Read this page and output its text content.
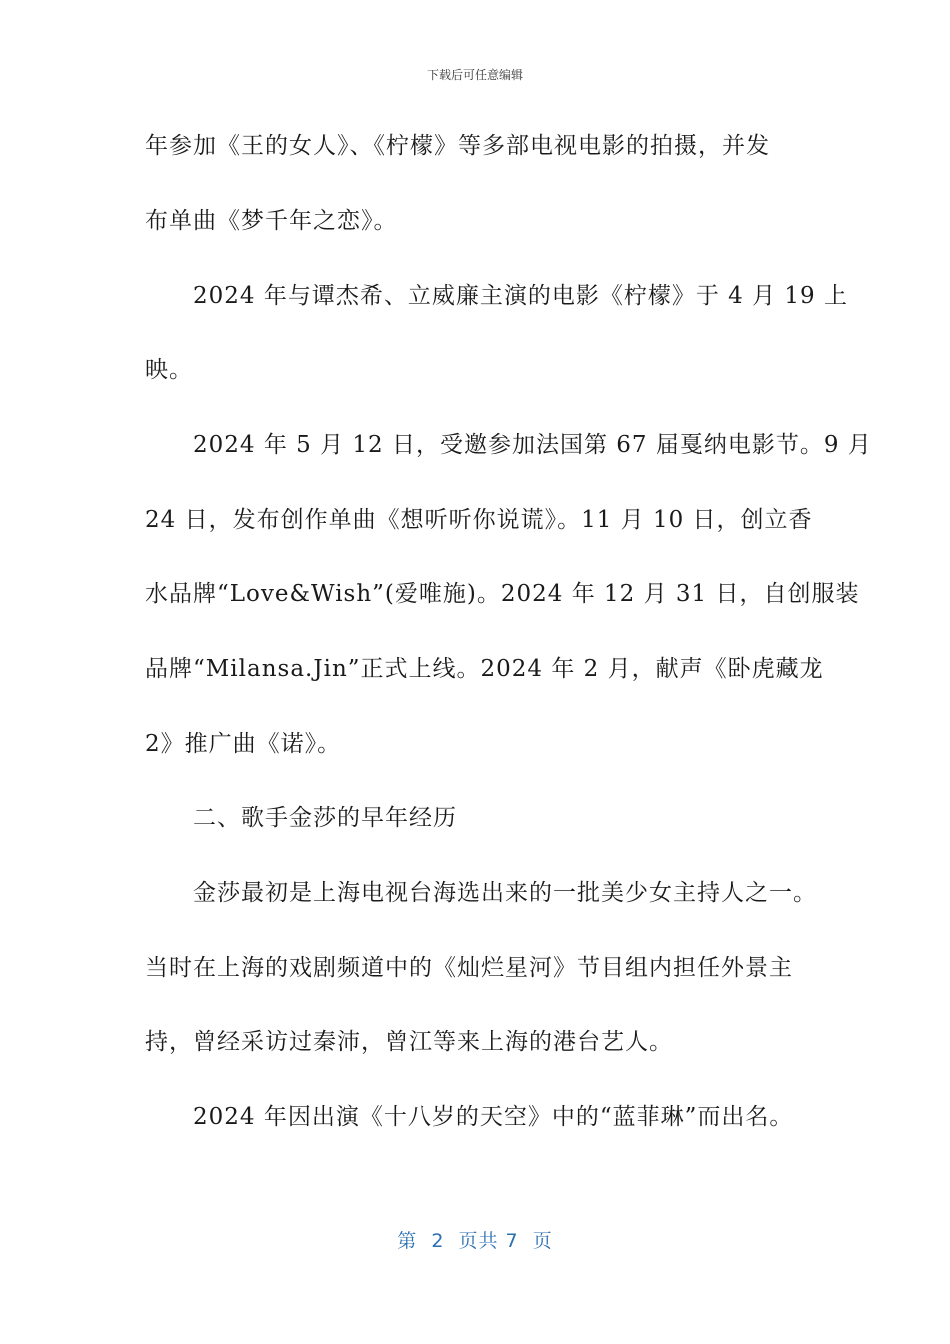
下载后可任意编辑
年参加《王的女人》、《柠檬》等多部电视电影的拍摄，并发
布单曲《梦千年之恋》。
2024 年与谭杰希、立威廉主演的电影《柠檬》于 4 月 19 上
映。
2024 年 5 月 12 日，受邀参加法国第 67 届戛纳电影节。9 月
24 日，发布创作单曲《想听听你说谎》。11 月 10 日，创立香
水品牌“Love&Wish”(爱唯施)。2024 年 12 月 31 日，自创服装
品牌“Milansa.Jin”正式上线。2024 年 2 月，献声《卧虎藏龙
2》推广曲《诺》。
二、歌手金莎的早年经历
金莎最初是上海电视台海选出来的一批美少女主持人之一。
当时在上海的戏剧频道中的《灿烂星河》节目组内担任外景主
持，曾经采访过秦沛，曾江等来上海的港台艺人。
2024 年因出演《十八岁的天空》中的“蓝菲琳”而出名。
第  2  页共 7  页
